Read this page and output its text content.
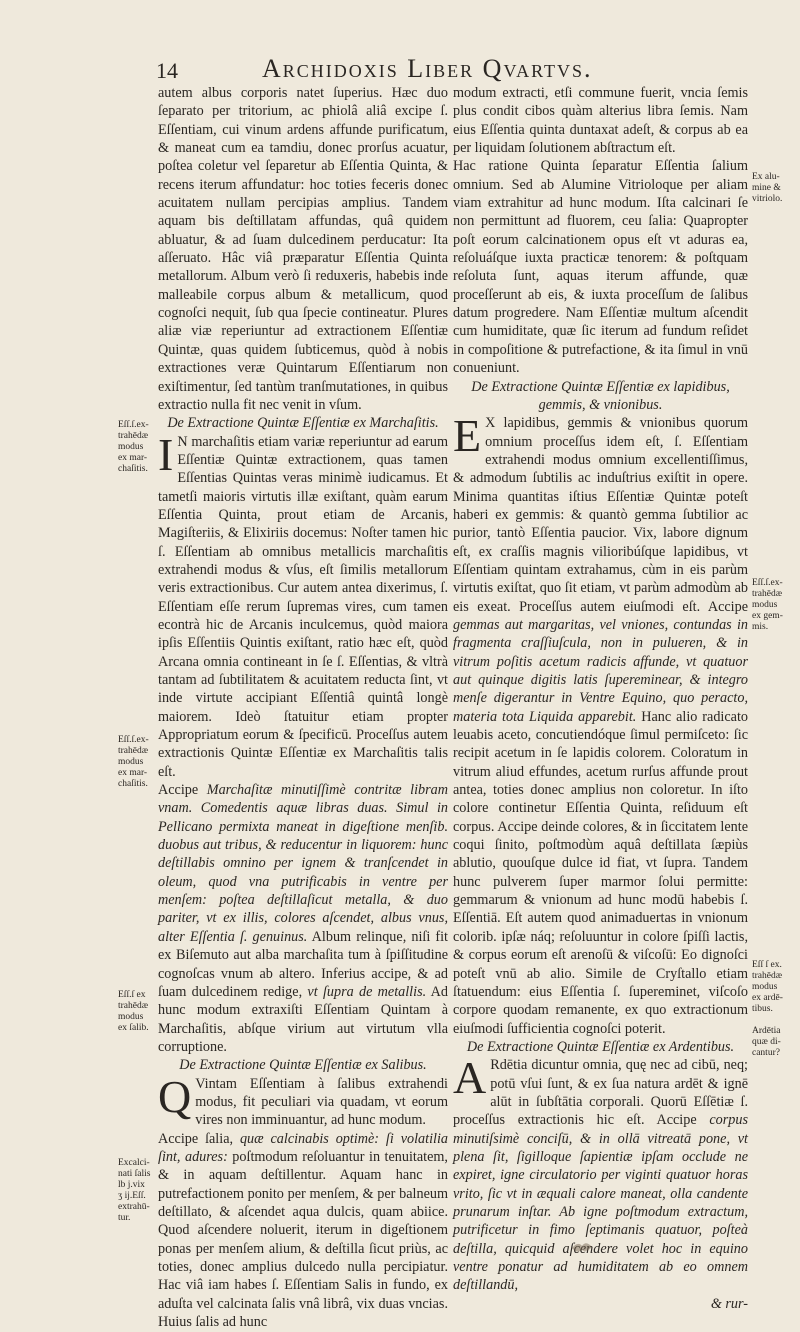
14	Archidoxis Liber Qvartvs.

autem albus corporis natet ſuperius. Hæc duo ſeparato per tritorium, ac phiolâ aliâ excipe ſ. Eſſentiam, cui vinum ardens affunde purificatum, & maneat cum ea tamdiu, donec prorſus acuatur, poſtea coletur vel ſeparetur ab Eſſentia Quinta, & recens iterum affundatur: hoc toties feceris donec acuitatem nullam percipias amplius. Tandem aquam bis deſtillatam affundas, quâ quidem abluatur, & ad ſuam dulcedinem perducatur: Ita aſſeruato. Hâc viâ præparatur Eſſentia Quinta metallorum. Album verò ſi reduxeris, habebis inde malleabile corpus album & metallicum, quod cognoſci nequit, ſub qua ſpecie contineatur. Plures aliæ viæ reperiuntur ad extractionem Eſſentiæ Quintæ, quas quidem ſubticemus, quòd à nobis extractiones veræ Quintarum Eſſentiarum non exiſtimentur, ſed tantùm tranſmutationes, in quibus extractio nulla fit nec venit in vſum.

De Extractione Quintæ Eſſentiæ ex Marchaſitis.

I N marchaſitis etiam variæ reperiuntur ad earum Eſſentiæ Quintæ extractionem, quas tamen Eſſentias Quintas veras minimè iudicamus. Et tametſi maioris virtutis illæ exiſtant, quàm earum Eſſentia Quinta, prout etiam de Arcanis, Magiſteriis, & Elixiriis docemus: Noſter tamen hic ſ. Eſſentiam ab omnibus metallicis marchaſitis extrahendi modus & vſus, eſt ſimilis metallorum veris extractionibus. Cur autem antea dixerimus, ſ. Eſſentiam eſſe rerum ſupremas vires, cum tamen econtrà hic de Arcanis inculcemus, quòd maiora ipſis Eſſentiis Quintis exiſtant, ratio hæc eſt, quòd Arcana omnia contineant in ſe ſ. Eſſentias, & vltrà tantam ad ſubtilitatem & acuitatem reducta ſint, vt inde virtute accipiant Eſſentiâ quintâ longè maiorem. Ideò ſtatuitur etiam propter Appropriatum eorum & ſpecificū. Proceſſus autem extractionis Quintæ Eſſentiæ ex Marchaſitis talis eſt.

Accipe Marchaſitæ minutiſſimè contritæ libram vnam. Comedentis aquæ libras duas. Simul in Pellicano permixta maneat in digeſtione menſib. duobus aut tribus, & reducentur in liquorem: hunc deſtillabis omnino per ignem & tranſcendet in oleum, quod vna putrificabis in ventre per menſem: poſtea deſtillaſicut metalla, & duo pariter, vt ex illis, colores aſcendet, albus vnus, alter Eſſentia ſ. genuinus. Album relinque, niſi fit ex Biſemuto aut alba marchaſita tum à ſpiſſitudine cognoſcas vnum ab altero. Inferius accipe, & ad ſuam dulcedinem redige, vt ſupra de metallis. Ad hunc modum extraxiſti Eſſentiam Quintam à Marchaſitis, abſque virium aut virtutum vlla corruptione.

De Extractione Quintæ Eſſentiæ ex Salibus.

Q Vintam Eſſentiam à ſalibus extrahendi modus, fit peculiari via quadam, vt eorum vires non imminuantur, ad hunc modum.

Accipe ſalia, quæ calcinabis optimè: ſi volatilia ſint, adures: poſtmodum reſoluantur in tenuitatem, & in aquam deſtillentur. Aquam hanc in putrefactionem ponito per menſem, & per balneum deſtillato, & aſcendet aqua dulcis, quam abiice. Quod aſcendere noluerit, iterum in digeſtionem ponas per menſem alium, & deſtilla ſicut priùs, ac toties, donec amplius dulcedo nulla percipiatur. Hac viâ iam habes ſ. Eſſentiam Salis in fundo, ex aduſta vel calcinata ſalis vnâ librâ, vix duas vncias. Huius ſalis ad hunc

modum extracti, etſi commune fuerit, vncia ſemis plus condit cibos quàm alterius libra ſemis. Nam eius Eſſentia quinta duntaxat adeſt, & corpus ab ea per liquidam ſolutionem abſtractum eſt.

Hac ratione Quinta ſeparatur Eſſentia ſalium omnium. Sed ab Alumine Vitrioloque per aliam viam extrahitur ad hunc modum. Iſta calcinari ſe non permittunt ad fluorem, ceu ſalia: Quapropter poſt eorum calcinationem opus eſt vt aduras ea, reſoluáſque iuxta practicæ tenorem: & poſtquam reſoluta ſunt, aquas iterum affunde, quæ proceſſerunt ab eis, & iuxta proceſſum de ſalibus datum progredere. Nam Eſſentiæ multum aſcendit cum humiditate, quæ ſic iterum ad fundum reſidet in compoſitione & putrefactione, & ita ſimul in vnū conueniunt.

De Extractione Quintæ Eſſentiæ ex lapidibus, gemmis, & vnionibus.

E X lapidibus, gemmis & vnionibus quorum omnium proceſſus idem eſt, ſ. Eſſentiam extrahendi modus omnium excellentiſſimus, & admodum ſubtilis ac induſtrius exiſtit in opere. Minima quantitas iſtius Eſſentiæ Quintæ poteſt haberi ex gemmis: & quantò gemma ſubtilior ac purior, tantò Eſſentia paucior. Vix, labore dignum eſt, ex craſſis magnis vilioribúſque lapidibus, vt Eſſentiam quintam extrahamus, cùm in eis parùm virtutis exiſtat, quo ſit etiam, vt parùm admodùm ab eis exeat. Proceſſus autem eiuſmodi eſt. Accipe gemmas aut margaritas, vel vniones, contundas in fragmenta craſſiuſcula, non in pulueren, & in vitrum poſitis acetum radicis affunde, vt quatuor aut quinque digitis latis ſupereminear, & integro menſe digerantur in Ventre Equino, quo peracto, materia tota Liquida apparebit. Hanc alio radicato leuabis aceto, concutiendóque ſimul permiſceto: ſic recipit acetum in ſe lapidis colorem. Coloratum in vitrum aliud effundes, acetum rurſus affunde prout antea, toties donec amplius non coloretur. In iſto colore continetur Eſſentia Quinta, reſiduum eſt corpus. Accipe deinde colores, & in ſiccitatem lente coqui ſinito, poſtmodùm aquâ deſtillata ſæpiùs ablutio, quouſque dulce id fiat, vt ſupra. Tandem hunc pulverem ſuper marmor ſolui permitte: gemmarum & vnionum ad hunc modū habebis ſ. Eſſentiā. Eſt autem quod animaduertas in vnionum colorib. ipſæ náq; reſoluuntur in colore ſpiſſi lactis, & corpus eorum eſt arenoſū & viſcoſū: Eo dignoſci poteſt vnū ab alio. Simile de Cryſtallo etiam ſtatuendum: eius Eſſentia ſ. ſupereminet, viſcoſo corpore quodam remanente, ex quo extractionum eiuſmodi ſufficientia cognoſci poterit.

De Extractione Quintæ Eſſentiæ ex Ardentibus.

A Rdētia dicuntur omnia, quę nec ad cibū, neq; potū vſui ſunt, & ex ſua natura ardēt & ignē alūt in ſubſtātia corporali. Quorū Eſſētiæ ſ. proceſſus extractionis hic eſt. Accipe corpus minutiſsimè conciſū, & in ollā vitreatā pone, vt plena ſit, ſigilloque ſapientiæ ipſam occlude ne expiret, igne circulatorio per viginti quatuor horas vrito, ſic vt in æquali calore maneat, olla candente prunarum inſtar. Ab igne poſtmodum extractum, putrificetur in fimo ſeptimanis quatuor, poſteà deſtilla, quicquid aſcendere volet hoc in equino ventre ponatur ad humiditatem ab eo omnem deſtillandū,

& rur-

Eſſ.ſ.ex-
trahēdæ
modus
ex mar-
chaſitis.
Eſſ.ſ.ex-
trahēdæ
modus
ex mar-
chaſitis.
Eſſ.ſ ex
trahēdæ
modus
ex ſalib.
Excalci-
nati ſalis
lb j.vix
ʒ ij.Eſſ.
extrahū-
tur.
Ex alu-
mine &
vitriolo.
Eſſ.ſ.ex-
trahēdæ
modus
ex gem-
mis.
Eſſ ſ ex.
trahēdæ
modus
ex ardē-
tibus.
Ardētia
quæ di-
cantur?
